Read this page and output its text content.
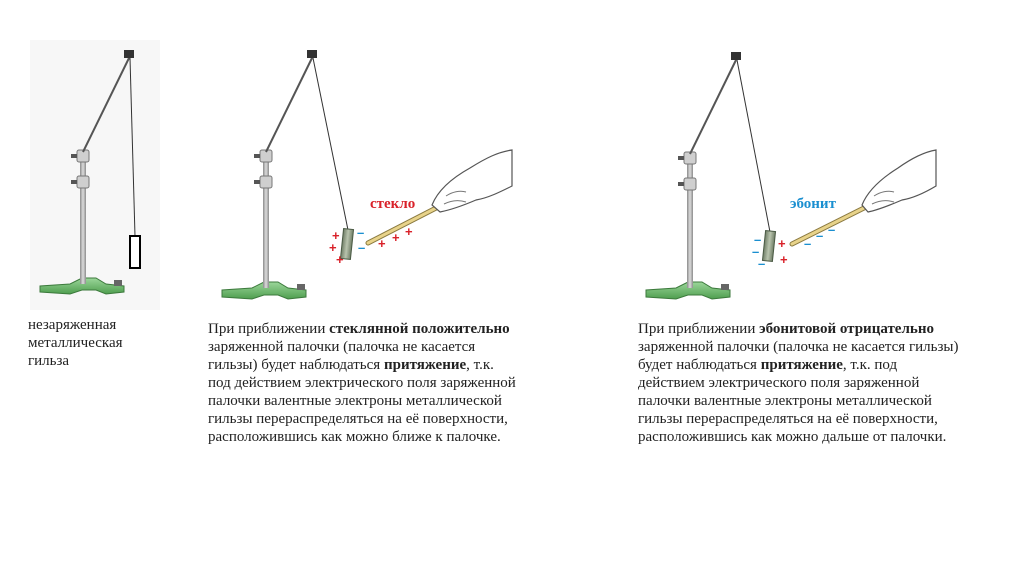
стекло
+
+
+
–
– + + +
эбонит
–
–
–
+
+
–
– –
незаряженная
металлическая
гильза
При приближении стеклянной положительно
заряженной палочки (палочка не касается
гильзы) будет наблюдаться притяжение, т.к.
под действием электрического поля заряженной
палочки валентные электроны металлической
гильзы перераспределяться на её поверхности,
расположившись как можно ближе к палочке.
При приближении эбонитовой отрицательно
заряженной палочки (палочка не касается гильзы)
будет наблюдаться притяжение, т.к. под
действием электрического поля заряженной
палочки валентные электроны металлической
гильзы перераспределяться на её поверхности,
расположившись как можно дальше от палочки.
